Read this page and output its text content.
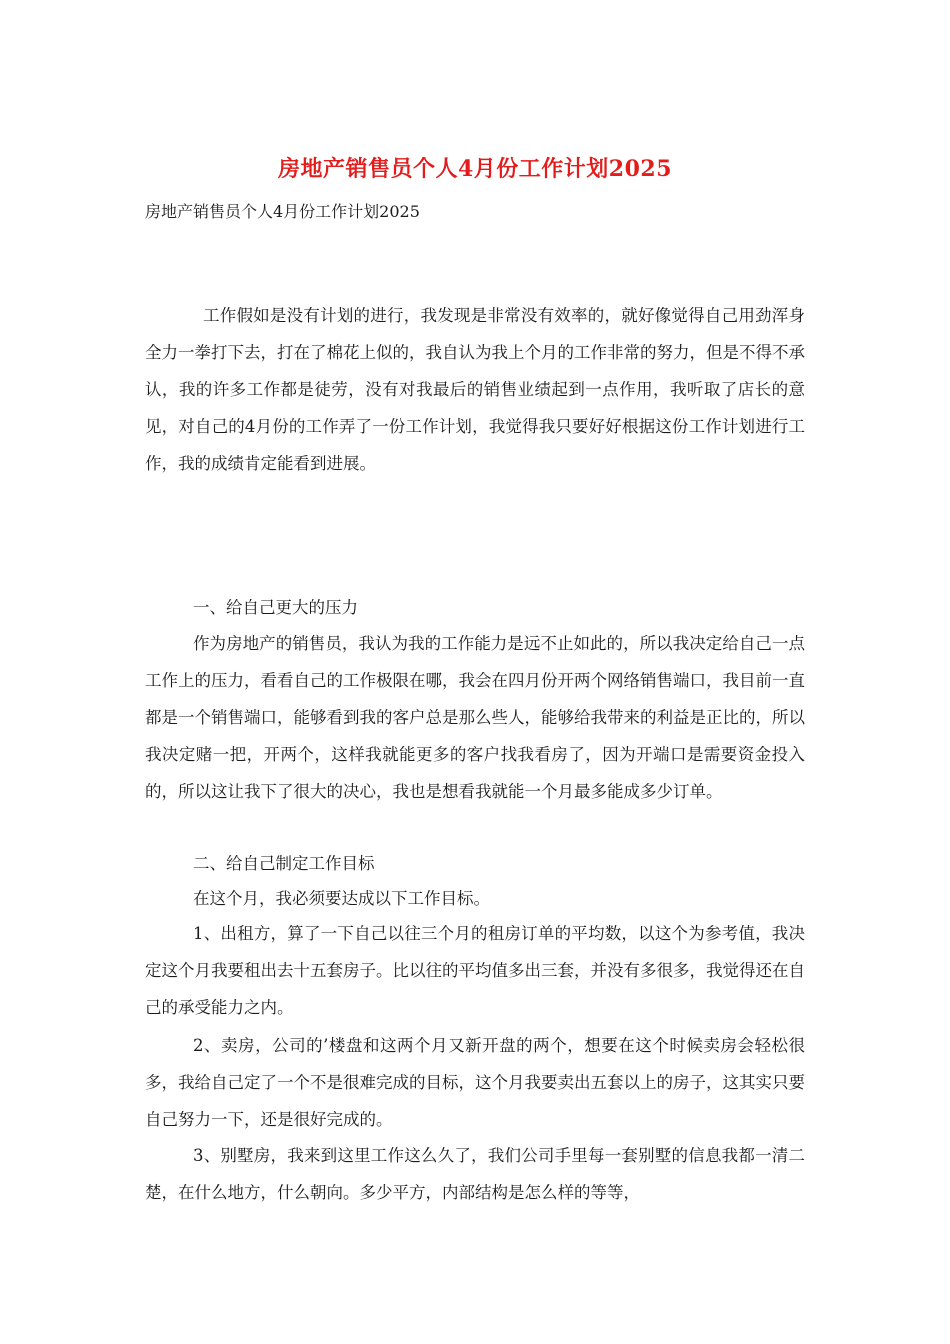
房地产销售员个人4月份工作计划2025
房地产销售员个人4月份工作计划2025

工作假如是没有计划的进行，我发现是非常没有效率的，就好像觉得自己用劲浑身全力一拳打下去，打在了棉花上似的，我自认为我上个月的工作非常的努力，但是不得不承认，我的许多工作都是徒劳，没有对我最后的销售业绩起到一点作用，我听取了店长的意见，对自己的4月份的工作弄了一份工作计划，我觉得我只要好好根据这份工作计划进行工作，我的成绩肯定能看到进展。

一、给自己更大的压力

作为房地产的销售员，我认为我的工作能力是远不止如此的，所以我决定给自己一点工作上的压力，看看自己的工作极限在哪，我会在四月份开两个网络销售端口，我目前一直都是一个销售端口，能够看到我的客户总是那么些人，能够给我带来的利益是正比的，所以我决定赌一把，开两个，这样我就能更多的客户找我看房了，因为开端口是需要资金投入的，所以这让我下了很大的决心，我也是想看我就能一个月最多能成多少订单。

二、给自己制定工作目标

在这个月，我必须要达成以下工作目标。

1、出租方，算了一下自己以往三个月的租房订单的平均数，以这个为参考值，我决定这个月我要租出去十五套房子。比以往的平均值多出三套，并没有多很多，我觉得还在自己的承受能力之内。

2、卖房，公司的’楼盘和这两个月又新开盘的两个，想要在这个时候卖房会轻松很多，我给自己定了一个不是很难完成的目标，这个月我要卖出五套以上的房子，这其实只要自己努力一下，还是很好完成的。

3、别墅房，我来到这里工作这么久了，我们公司手里每一套别墅的信息我都一清二楚，在什么地方，什么朝向。多少平方，内部结构是怎么样的等等，
